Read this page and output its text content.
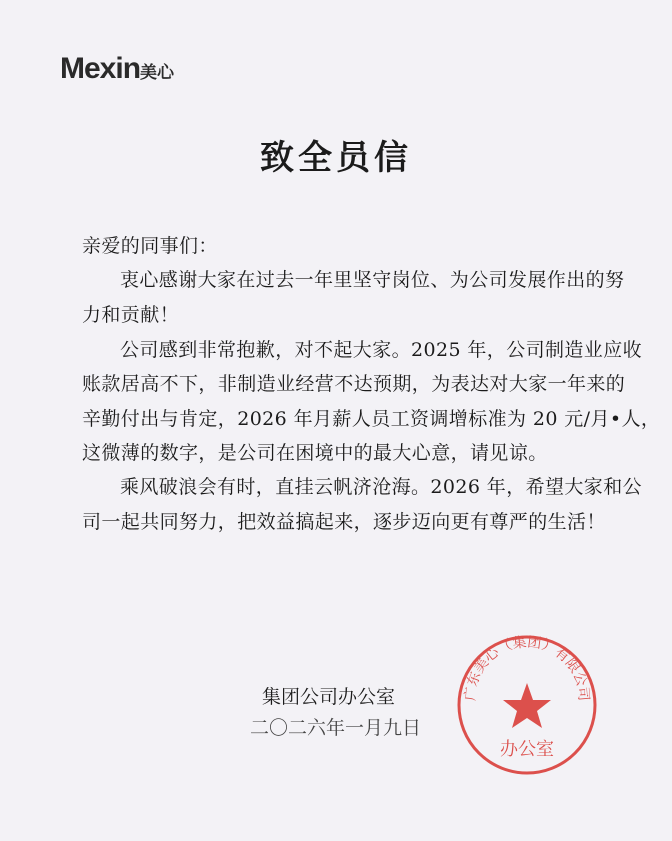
Mexin美心
致全员信
亲爱的同事们：
衷心感谢大家在过去一年里坚守岗位、为公司发展作出的努
力和贡献！
公司感到非常抱歉，对不起大家。2025 年，公司制造业应收
账款居高不下，非制造业经营不达预期，为表达对大家一年来的
辛勤付出与肯定，2026 年月薪人员工资调增标准为 20 元/月•人，
这微薄的数字，是公司在困境中的最大心意，请见谅。
乘风破浪会有时，直挂云帆济沧海。2026 年，希望大家和公
司一起共同努力，把效益搞起来，逐步迈向更有尊严的生活！
广东美心（集团）有限公司
办公室
集团公司办公室
二〇二六年一月九日
